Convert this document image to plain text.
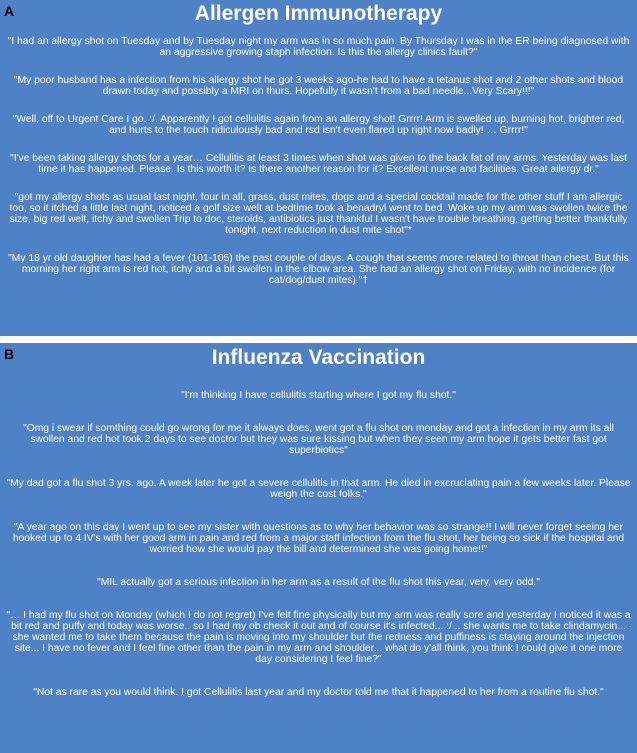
A	Allergen Immunotherapy
"I had an allergy shot on Tuesday and by Tuesday night my arm was in so much pain. By Thursday I was in the ER being diagnosed with an aggressive growing staph infection. Is this the allergy clinics fault?"
"My poor husband has a infection from his allergy shot he got 3 weeks ago-he had to have a tetanus shot and 2 other shots and blood drawn today and possibly a MRI on thurs. Hopefully it wasn't from a bad needle...Very Scary!!!"
"Well, off to Urgent Care I go. :/. Apparently I got cellulitis again from an allergy shot! Grrrr! Arm is swelled up, burning hot, brighter red, and hurts to the touch ridiculously bad and rsd isn't even flared up right now badly! … Grrrr!"
"I've been taking allergy shots for a year… Cellulitis at least 3 times when shot was given to the back fat of my arms. Yesterday was last time it has happened. Please. Is this worth it? Is there another reason for it? Excellent nurse and facilities. Great allergy dr."
"got my allergy shots as usual last night, four in all, grass, dust mites, dogs and a special cocktail made for the other stuff I am allergic too, so it itched a little last night, noticed a golf size welt at bedtime took a benadryl went to bed. Woke up my arm was swollen twice the size, big red welt, itchy and swollen Trip to doc, steroids, antibiotics just thankful I wasn't have trouble breathing, getting better thankfully tonight, next reduction in dust mite shot"*
"My 18 yr old daughter has had a fever (101-105) the past couple of days. A cough that seems more related to throat than chest. But this morning her right arm is red hot, itchy and a bit swollen in the elbow area. She had an allergy shot on Friday, with no incidence (for cat/dog/dust mites)."†
B	Influenza Vaccination
"I'm thinking I have cellulitis starting where I got my flu shot."
"Omg i swear if somthing could go wrong for me it always does, went got a flu shot on monday and got a infection in my arm its all swollen and red hot took 2 days to see doctor but they was sure kissing but when they seen my arm hope it gets better fast got superbiotics"
"My dad got a flu shot 3 yrs. ago. A week later he got a severe cellulitis in that arm. He died in excruciating pain a few weeks later. Please weigh the cost folks."
"A year ago on this day I went up to see my sister with questions as to why her behavior was so strange!! I will never forget seeing her hooked up to 4 IV's with her good arm in pain and red from a major staff infection from the flu shot, her being so sick if the hospital and worried how she would pay the bill and determined she was going home!!"
"MIL actually got a serious infection in her arm as a result of the flu shot this year, very, very odd."
"… I had my flu shot on Monday (which I do not regret) I've felt fine physically but my arm was really sore and yesterday I noticed it was a bit red and puffy and today was worse.. so I had my ob check it out and of course it's infected... :/ .. she wants me to take clindamycin... she wanted me to take them because the pain is moving into my shoulder but the redness and puffiness is staying around the injection site... I have no fever and I feel fine other than the pain in my arm and shoulder... what do y'all think, you think I could give it one more day considering I feel fine?"
"Not as rare as you would think. I got Cellulitis last year and my doctor told me that it happened to her from a routine flu shot."
